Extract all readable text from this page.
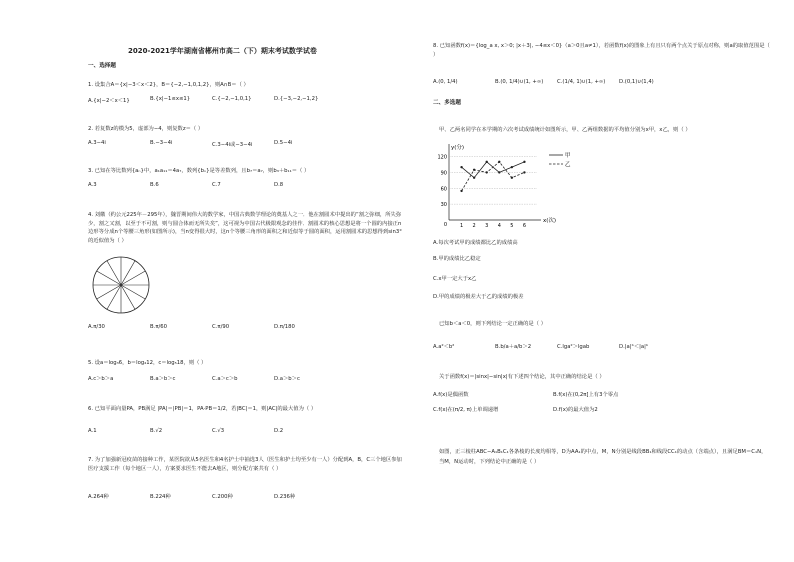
2020-2021学年湖南省郴州市高二（下）期末考试数学试卷
一、选择题
1. 设集合A＝{x|−3＜x＜2}，B＝{−2,−1,0,1,2}，则A∩B＝（ ）
A.{x|−2＜x＜1}	B.{x|−1≤x≤1}	C.{−2,−1,0,1}	D.{−3,−2,−1,2}
2. 若复数z的模为5，虚部为−4，则复数z＝（ ）
A.3−4i	B.−3−4i	C.3−4i或−3−4i	D.5−4i
3. 已知在等比数列{aₙ}中，a₁a₁₁＝4a₇，数列{bₙ}是等差数列，且b₇＝a₇，则b₃＋b₁₁＝（ ）
A.3	B.6	C.7	D.8
4. 刘徽（约公元225年－295年），魏晋期间伟大的数学家，中国古典数学理论的奠基人之一．他在割圆术中提出的“割之弥细，所失弥少，割之又割，以至于不可割，则与圆合体而无所失矣”，这可视为中国古代极限观念的佳作．割圆术的核心思想是将一个圆的内接正n边形等分成n个等腰三角形(如图所示)，当n变得很大时，这n个等腰三角形的面积之和近似等于圆的面积，运用割圆术的思想得到sin3°的近似值为（ ）
A.π/30	B.π/60	C.π/90	D.π/180
5. 设a＝log₃6，b＝log₄12，c＝log₅18，则（ ）
A.c＞b＞a	B.a＞b＞c	C.a＞c＞b	D.a＞b＞c
6. 已知平面向量PA，PB满足 |PA|＝|PB|＝1，PA·PB＝1/2，若|BC|＝1，则|AC|的最大值为（ ）
A.1	B.√2	C.√3	D.2
7. 为了加强新冠疫苗的接种工作，某医院欲从5名医生和4名护士中抽选3人（医生和护士均至少有一人）分配到A，B，C三个地区参加医疗支援工作（每个地区一人），方案要求医生不能去A地区，则分配方案共有（ ）
A.264种	B.224种	C.200种	D.236种
8. 已知函数f(x)＝{log_a x, x＞0; |x＋3|, −4≤x＜0}（a＞0且a≠1），若函数f(x)的图象上有且只有两个点关于原点对称，则a的取值范围是（ ）
A.(0, 1/4)	B.(0, 1/4)∪(1, +∞)	C.(1/4, 1)∪(1, +∞)	D.(0,1)∪(1,4)
二、多选题
甲、乙两名同学在本学期的六次考试成绩统计如图所示，甲、乙两组数据的平均值分别为x甲，x乙，则（ ）
y(分)
x(次)
30
60
90
120
1 2 3 4 5 6
0
甲
乙
A.每次考试甲的成绩都比乙的成绩高
B.甲的成绩比乙稳定
C.x甲一定大于x乙
D.甲的成绩的极差大于乙的成绩的极差
已知b＜a＜0，则下列结论一定正确的是（ ）
A.a²＜b²	B.b/a＋a/b＞2	C.lga²＞lgab	D.|a|ᵇ＜|a|ᵇ
关于函数f(x)＝|sinx|−sin|x|有下述四个结论，其中正确的结论是（ ）
A.f(x)是偶函数	B.f(x)在(0,2π]上有3个零点
C.f(x)在(π/2, π)上单调递增	D.f(x)的最大值为2
如图，正三棱柱ABC−A₁B₁C₁各条棱的长度均相等，D为AA₁的中点，M，N分别是线段BB₁和线段CC₁的动点（含端点），且满足BM＝C₁N，当M，N运动时，下列结论中正确的是（ ）
